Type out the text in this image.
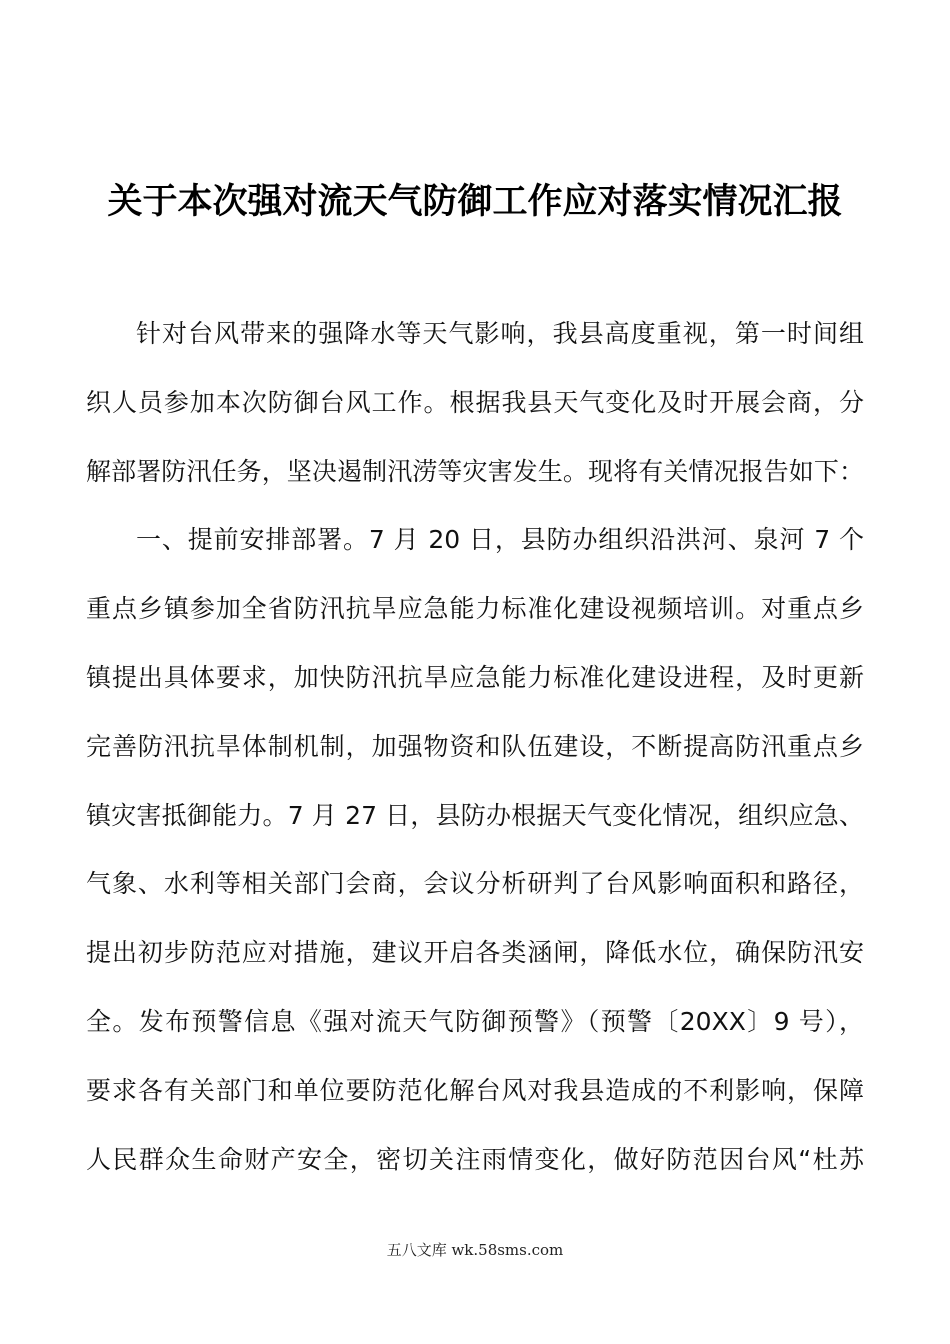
关于本次强对流天气防御工作应对落实情况汇报
针对台风带来的强降水等天气影响，我县高度重视，第一时间组
织人员参加本次防御台风工作。根据我县天气变化及时开展会商，分
解部署防汛任务，坚决遏制汛涝等灾害发生。现将有关情况报告如下：
一、提前安排部署。7 月 20 日，县防办组织沿洪河、泉河 7 个
重点乡镇参加全省防汛抗旱应急能力标准化建设视频培训。对重点乡
镇提出具体要求，加快防汛抗旱应急能力标准化建设进程，及时更新
完善防汛抗旱体制机制，加强物资和队伍建设，不断提高防汛重点乡
镇灾害抵御能力。7 月 27 日，县防办根据天气变化情况，组织应急、
气象、水利等相关部门会商，会议分析研判了台风影响面积和路径，
提出初步防范应对措施，建议开启各类涵闸，降低水位，确保防汛安
全。发布预警信息《强对流天气防御预警》（预警〔20XX〕9 号），
要求各有关部门和单位要防范化解台风对我县造成的不利影响，保障
人民群众生命财产安全，密切关注雨情变化，做好防范因台风“杜苏
五八文库 wk.58sms.com
